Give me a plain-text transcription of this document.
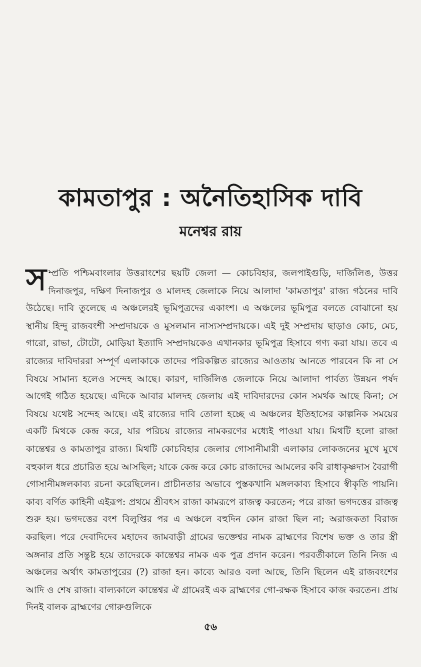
কামতাপুর : অনৈতিহাসিক দাবি
মনেশ্বর রায়

সম্প্রতি পশ্চিমবাংলার উত্তরাংশের ছয়টি জেলা — কোচবিহার, জলপাইগুড়ি, দার্জিলিঙ, উত্তর দিনাজপুর, দক্ষিণ দিনাজপুর ও মালদহ জেলাকে নিয়ে আলাদা 'কামতাপুর' রাজ্য গঠনের দাবি উঠেছে। দাবি তুলেছে এ অঞ্চলেরই ভূমিপুত্রদের একাংশ। এ অঞ্চলের ভূমিপুত্র বলতে বোঝানো হয় স্থানীয় হিন্দু রাজবংশী সম্প্রদায়কে ও মুসলমান নাস্যসম্প্রদায়কে। এই দুই সম্প্রদায় ছাড়াও কোচ, মেচ, গারো, রাভা, টোটো, মোড়িয়া ইত্যাদি সম্প্রদায়কেও এখানকার ভূমিপুত্র হিসাবে গণ্য করা যায়। তবে এ রাজ্যের দাবিদাররা সম্পূর্ণ এলাকাকে তাদের পরিকল্পিত রাজ্যের আওতায় আনতে পারবেন কি না সে বিষয়ে সামান্য হলেও সন্দেহ আছে। কারণ, দার্জিলিঙ জেলাকে নিয়ে আলাদা পার্বত্য উন্নয়ন পর্ষদ আগেই গঠিত হয়েছে। এদিকে আবার মালদহ জেলায় এই দাবিদারদের কোন সমর্থক আছে কিনা; সে বিষয়ে যথেষ্ট সন্দেহ আছে। এই রাজ্যের দাবি তোলা হচ্ছে এ অঞ্চলের ইতিহাসের কাল্পনিক সময়ের একটি মিথকে কেন্দ্র করে, যার পরিচয় রাজ্যের নামকরণের মধ্যেই পাওয়া যায়। মিথটি হলো রাজা কান্তেশ্বর ও কামতাপুর রাজ্য। মিথটি কোচবিহার জেলার গোসানীমারী এলাকার লোকজনের মুখে মুখে বহুকাল ধরে প্রচারিত হয়ে আসছিল; যাকে কেন্দ্র করে কোচ রাজাদের আমলের কবি রাধাকৃষ্ণদাস বৈরাগী গোসানীমঙ্গলকাব্য রচনা করেছিলেন। প্রাচীনতার অভাবে পুস্তকখানি মঙ্গলকাব্য হিসাবে স্বীকৃতি পায়নি। কাব্য বর্ণিত কাহিনী এইরূপ: প্রথমে শ্রীবৎস রাজা কামরূপে রাজত্ব করতেন; পরে রাজা ভগদত্তের রাজত্ব শুরু হয়। ভগদত্তের বংশ বিলুপ্তির পর এ অঞ্চলে বহুদিন কোন রাজা ছিল না; অরাজকতা বিরাজ করছিল। পরে দেবাদিদেব মহাদেব জামবাড়ী গ্রামের ভক্তেশ্বর নামক ব্রাহ্মণের বিশেষ ভক্ত ও তার স্ত্রী অঙ্গনার প্রতি সন্তুষ্ট হয়ে তাদেরকে কান্তেশ্বর নামক এক পুত্র প্রদান করেন। পরবর্তীকালে তিনি নিজ এ অঞ্চলের অর্থাৎ কামতাপুরের (?) রাজা হন। কাব্যে আরও বলা আছে, তিনি ছিলেন এই রাজবংশের আদি ও শেষ রাজা। বাল্যকালে কান্তেশ্বর ঐ গ্রামেরই এক ব্রাহ্মণের গো-রক্ষক হিসাবে কাজ করতেন। প্রায় দিনই বালক ব্রাহ্মণের গোরুগুলিকে

৫৬
